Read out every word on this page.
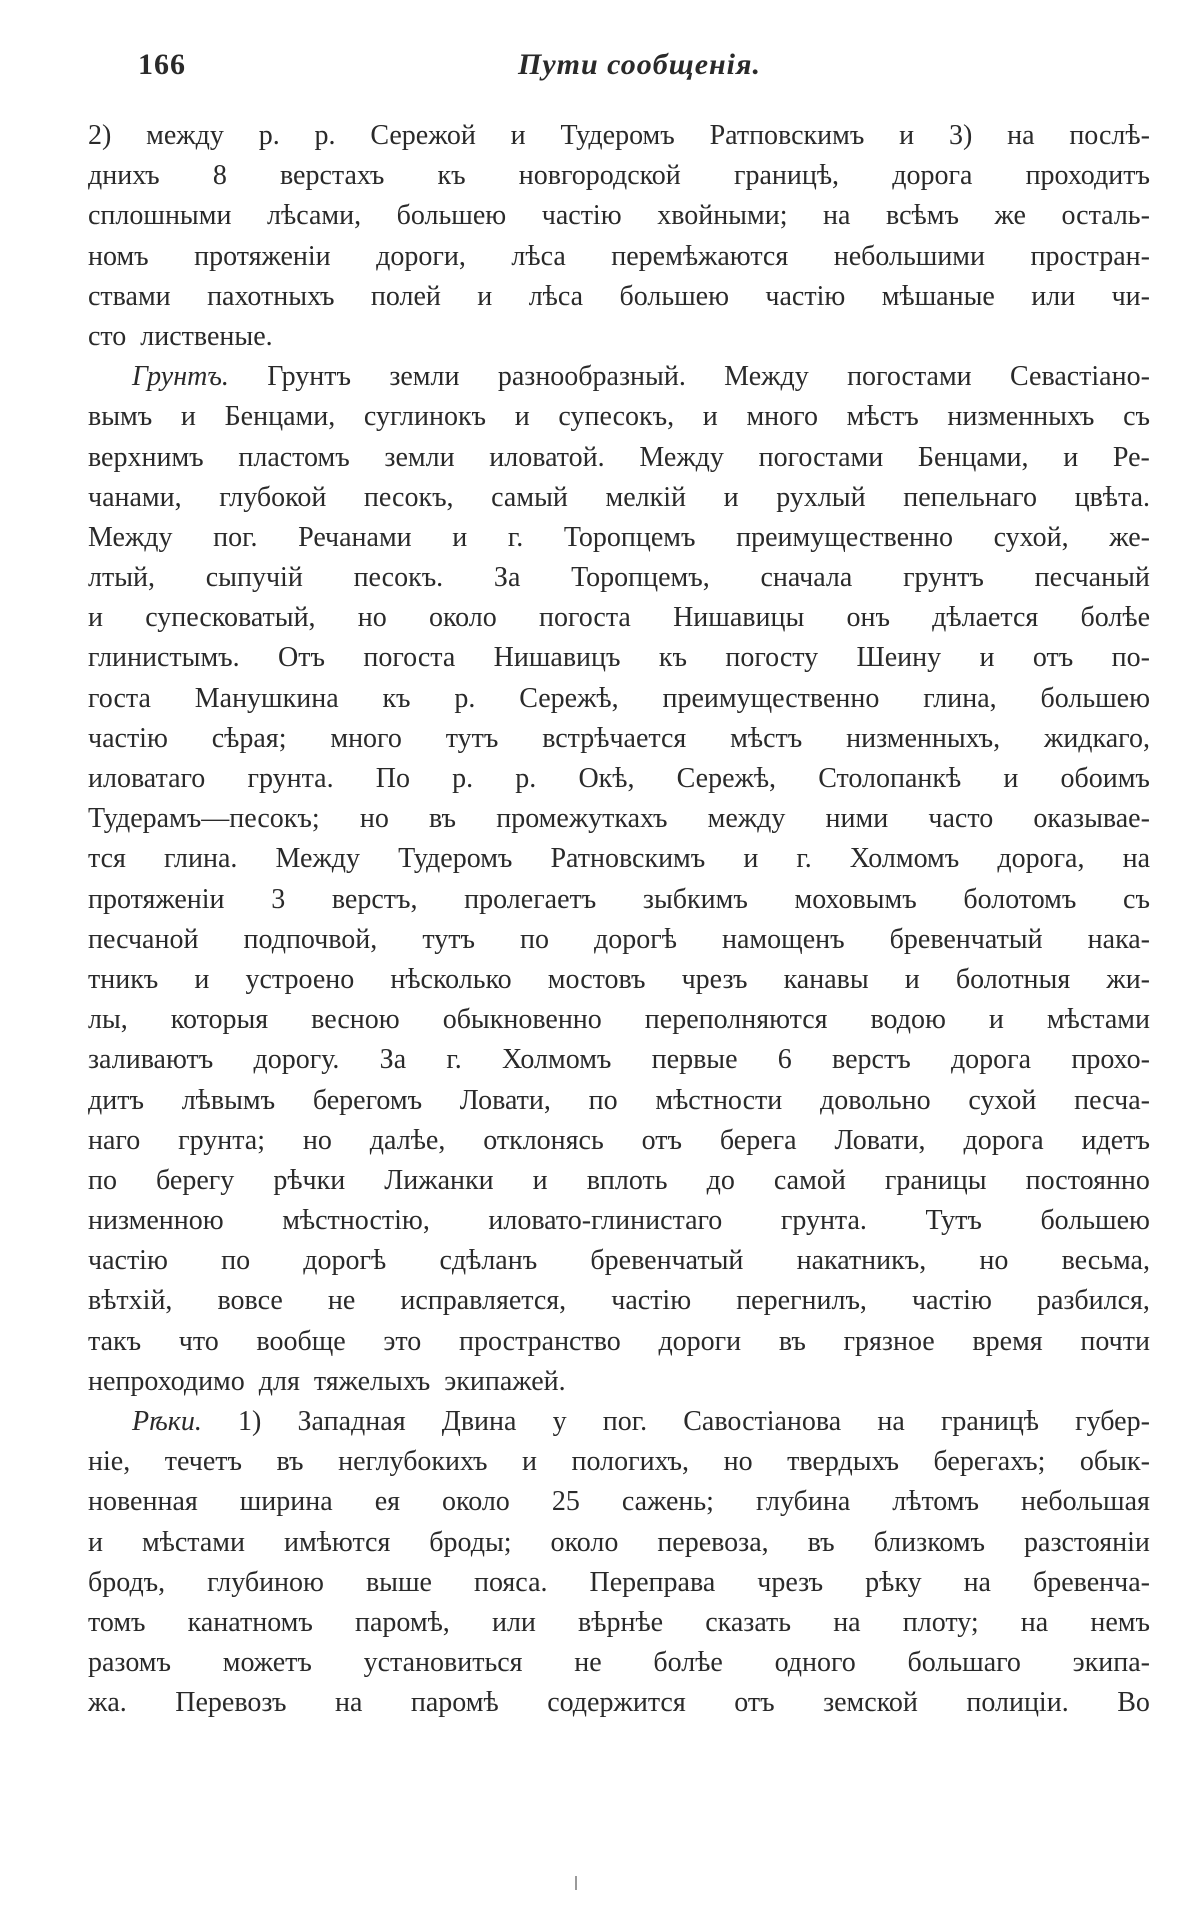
166	Пути сообщенія.
2) между р. р. Сережой и Тудеромъ Ратповскимъ и 3) на послѣ-
днихъ 8 верстахъ къ новгородской границѣ, дорога проходитъ
сплошными лѣсами, большею частію хвойными; на всѣмъ же осталь-
номъ протяженіи дороги, лѣса перемѣжаются небольшими простран-
ствами пахотныхъ полей и лѣса большею частію мѣшаные или чи-
сто лиственые.
Грунтъ. Грунтъ земли разнообразный. Между погостами Севастіано-
вымъ и Бенцами, суглинокъ и супесокъ, и много мѣстъ низменныхъ съ
верхнимъ пластомъ земли иловатой. Между погостами Бенцами, и Ре-
чанами, глубокой песокъ, самый мелкій и рухлый пепельнаго цвѣта.
Между пог. Речанами и г. Торопцемъ преимущественно сухой, же-
лтый, сыпучій песокъ. За Торопцемъ, сначала грунтъ песчаный
и супесковатый, но около погоста Нишавицы онъ дѣлается болѣе
глинистымъ. Отъ погоста Нишавицъ къ погосту Шеину и отъ по-
госта Манушкина къ р. Сережѣ, преимущественно глина, большею
частію сѣрая; много тутъ встрѣчается мѣстъ низменныхъ, жидкаго,
иловатаго грунта. По р. р. Окѣ, Сережѣ, Столопанкѣ и обоимъ
Тудерамъ—песокъ; но въ промежуткахъ между ними часто оказывае-
тся глина. Между Тудеромъ Ратновскимъ и г. Холмомъ дорога, на
протяженіи 3 верстъ, пролегаетъ зыбкимъ моховымъ болотомъ съ
песчаной подпочвой, тутъ по дорогѣ намощенъ бревенчатый нака-
тникъ и устроено нѣсколько мостовъ чрезъ канавы и болотныя жи-
лы, которыя весною обыкновенно переполняются водою и мѣстами
заливаютъ дорогу. За г. Холмомъ первые 6 верстъ дорога прохо-
дитъ лѣвымъ берегомъ Ловати, по мѣстности довольно сухой песча-
наго грунта; но далѣе, отклонясь отъ берега Ловати, дорога идетъ
по берегу рѣчки Лижанки и вплоть до самой границы постоянно
низменною мѣстностію, иловато-глинистаго грунта. Тутъ большею
частію по дорогѣ сдѣланъ бревенчатый накатникъ, но весьма,
вѣтхій, вовсе не исправляется, частію перегнилъ, частію разбился,
такъ что вообще это пространство дороги въ грязное время почти
непроходимо для тяжелыхъ экипажей.
Рѣки. 1) Западная Двина у пог. Савостіанова на границѣ губер-
ніе, течетъ въ неглубокихъ и пологихъ, но твердыхъ берегахъ; обык-
новенная ширина ея около 25 сажень; глубина лѣтомъ небольшая
и мѣстами имѣются броды; около перевоза, въ близкомъ разстояніи
бродъ, глубиною выше пояса. Переправа чрезъ рѣку на бревенча-
томъ канатномъ паромѣ, или вѣрнѣе сказать на плоту; на немъ
разомъ можетъ установиться не болѣе одного большаго экипа-
жа. Перевозъ на паромѣ содержится отъ земской полиціи. Во
